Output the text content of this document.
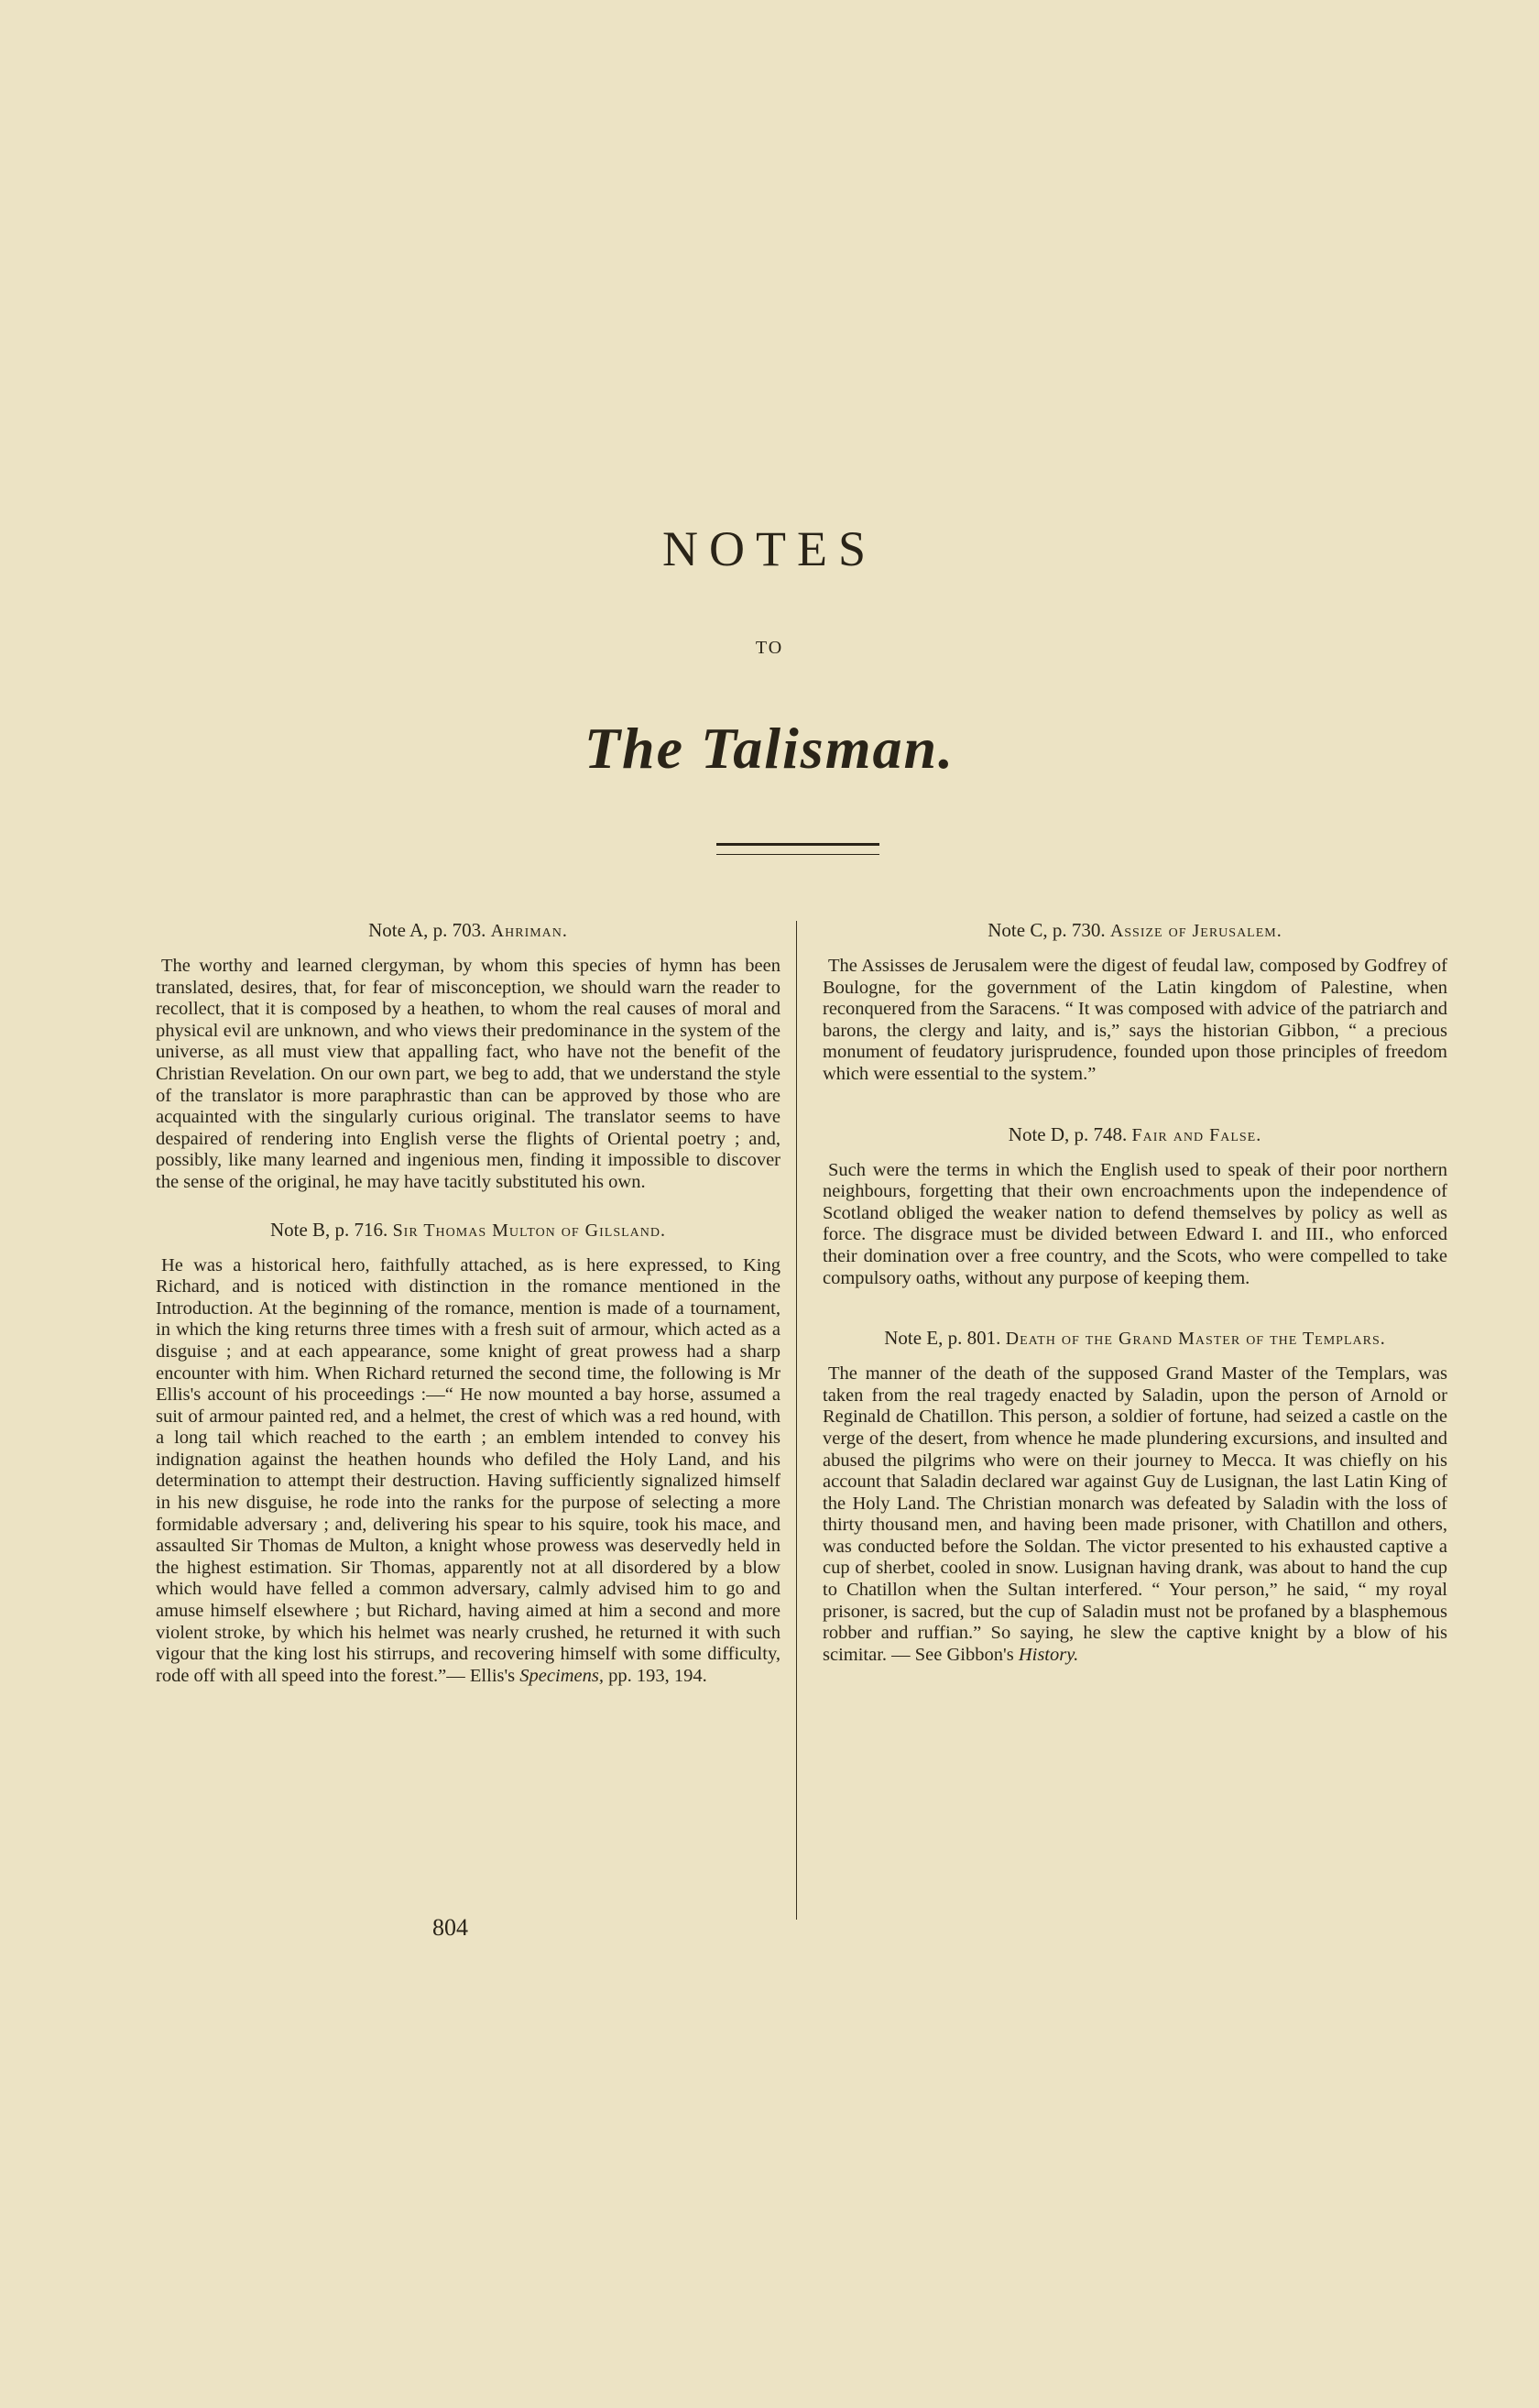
NOTES
TO
The Talisman.
Note A, p. 703. Ahriman.

The worthy and learned clergyman, by whom this species of hymn has been translated, desires, that, for fear of misconception, we should warn the reader to recollect, that it is composed by a heathen, to whom the real causes of moral and physical evil are unknown, and who views their predominance in the system of the universe, as all must view that appalling fact, who have not the benefit of the Christian Revelation. On our own part, we beg to add, that we understand the style of the translator is more paraphrastic than can be approved by those who are acquainted with the singularly curious original. The translator seems to have despaired of rendering into English verse the flights of Oriental poetry ; and, possibly, like many learned and ingenious men, finding it impossible to discover the sense of the original, he may have tacitly substituted his own.

Note B, p. 716. Sir Thomas Multon of Gilsland.

He was a historical hero, faithfully attached, as is here expressed, to King Richard, and is noticed with distinction in the romance mentioned in the Introduction. At the beginning of the romance, mention is made of a tournament, in which the king returns three times with a fresh suit of armour, which acted as a disguise ; and at each appearance, some knight of great prowess had a sharp encounter with him. When Richard returned the second time, the following is Mr Ellis's account of his proceedings :—“ He now mounted a bay horse, assumed a suit of armour painted red, and a helmet, the crest of which was a red hound, with a long tail which reached to the earth ; an emblem intended to convey his indignation against the heathen hounds who defiled the Holy Land, and his determination to attempt their destruction. Having sufficiently signalized himself in his new disguise, he rode into the ranks for the purpose of selecting a more formidable adversary ; and, delivering his spear to his squire, took his mace, and assaulted Sir Thomas de Multon, a knight whose prowess was deservedly held in the highest estimation. Sir Thomas, apparently not at all disordered by a blow which would have felled a common adversary, calmly advised him to go and amuse himself elsewhere ; but Richard, having aimed at him a second and more violent stroke, by which his helmet was nearly crushed, he returned it with such vigour that the king lost his stirrups, and recovering himself with some difficulty, rode off with all speed into the forest.”— Ellis's Specimens, pp. 193, 194.

804
Note C, p. 730. Assize of Jerusalem.

The Assisses de Jerusalem were the digest of feudal law, composed by Godfrey of Boulogne, for the government of the Latin kingdom of Palestine, when reconquered from the Saracens. “ It was composed with advice of the patriarch and barons, the clergy and laity, and is,” says the historian Gibbon, “ a precious monument of feudatory jurisprudence, founded upon those principles of freedom which were essential to the system.”

Note D, p. 748. Fair and False.

Such were the terms in which the English used to speak of their poor northern neighbours, forgetting that their own encroachments upon the independence of Scotland obliged the weaker nation to defend themselves by policy as well as force. The disgrace must be divided between Edward I. and III., who enforced their domination over a free country, and the Scots, who were compelled to take compulsory oaths, without any purpose of keeping them.

Note E, p. 801. Death of the Grand Master of the Templars.

The manner of the death of the supposed Grand Master of the Templars, was taken from the real tragedy enacted by Saladin, upon the person of Arnold or Reginald de Chatillon. This person, a soldier of fortune, had seized a castle on the verge of the desert, from whence he made plundering excursions, and insulted and abused the pilgrims who were on their journey to Mecca. It was chiefly on his account that Saladin declared war against Guy de Lusignan, the last Latin King of the Holy Land. The Christian monarch was defeated by Saladin with the loss of thirty thousand men, and having been made prisoner, with Chatillon and others, was conducted before the Soldan. The victor presented to his exhausted captive a cup of sherbet, cooled in snow. Lusignan having drank, was about to hand the cup to Chatillon when the Sultan interfered. “ Your person,” he said, “ my royal prisoner, is sacred, but the cup of Saladin must not be profaned by a blasphemous robber and ruffian.” So saying, he slew the captive knight by a blow of his scimitar. — See Gibbon's History.
